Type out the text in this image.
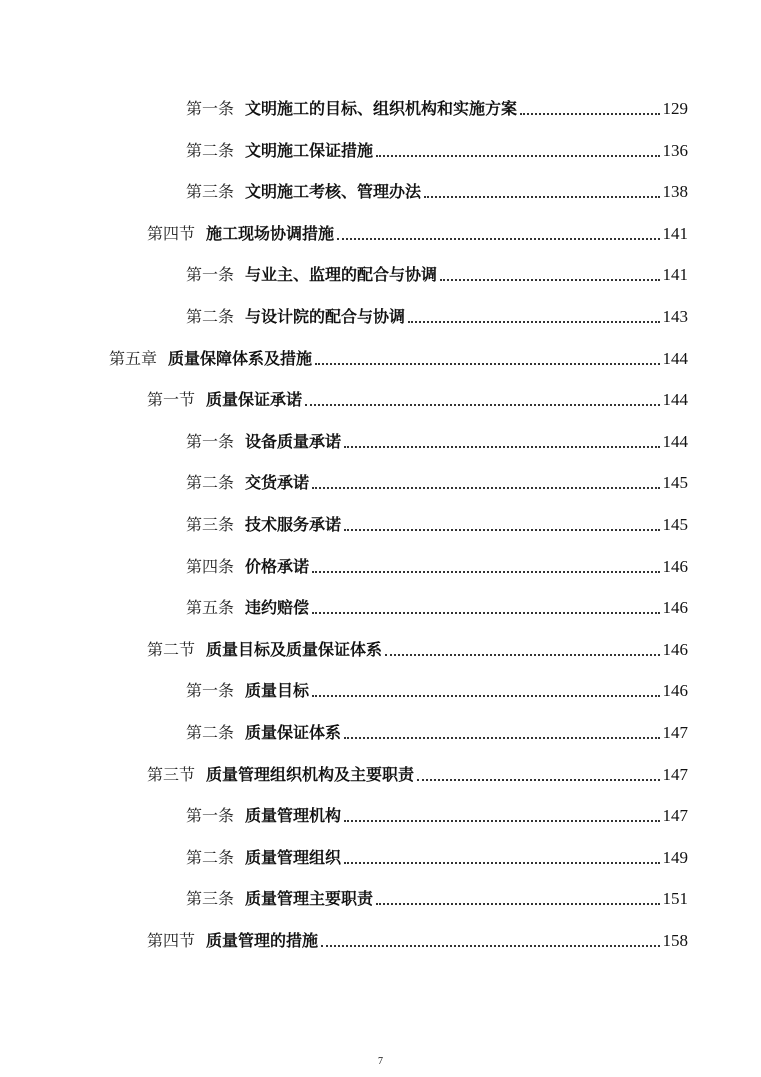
第一条 文明施工的目标、组织机构和实施方案	129
第二条 文明施工保证措施	136
第三条 文明施工考核、管理办法	138
第四节 施工现场协调措施	141
第一条 与业主、监理的配合与协调	141
第二条 与设计院的配合与协调	143
第五章 质量保障体系及措施	144
第一节 质量保证承诺	144
第一条 设备质量承诺	144
第二条 交货承诺	145
第三条 技术服务承诺	145
第四条 价格承诺	146
第五条 违约赔偿	146
第二节 质量目标及质量保证体系	146
第一条 质量目标	146
第二条 质量保证体系	147
第三节 质量管理组织机构及主要职责	147
第一条 质量管理机构	147
第二条 质量管理组织	149
第三条 质量管理主要职责	151
第四节 质量管理的措施	158
7
